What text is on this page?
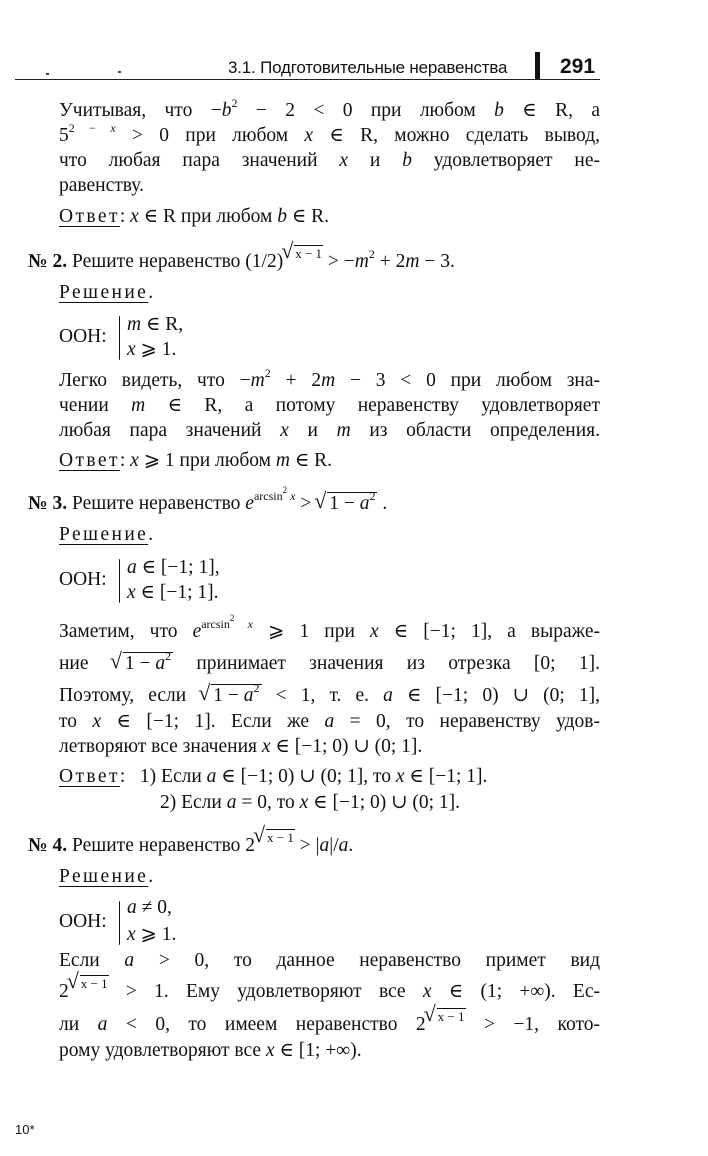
3.1. Подготовительные неравенства	291
Учитывая, что $-b^2 - 2 < 0$ при любом b ∈ R, а
$5^{2 - x} > 0$ при любом x ∈ R, можно сделать вывод,
что любая пара значений x и b удовлетворяет не-
равенству.
Ответ: x ∈ R при любом b ∈ R.
№ 2. Решите неравенство (1/2) $^{x - 1} > -m^2 + 2m - 3$.
Решение.
ООН:
m ∈ R,
x ⩾ 1.
Легко видеть, что $-m^2 + 2m - 3 < 0$ при любом зна-
чении m ∈ R, а потому неравенству удовлетворяет
любая пара значений x и m из области определения.
Ответ: x ⩾ 1 при любом m ∈ R.
№ 3. Решите неравенство $e^{arcsin^2 x}$ > √ $1 - a^2$ .
Решение.
ООН:
a ∈ [−1; 1],
x ∈ [−1; 1].
Заметим, что $e^{arcsin^2 x}$ ⩾ 1 при x ∈ [−1; 1], а выраже-
ние √ $1 - a^2$ принимает значения из отрезка [0; 1].
Поэтому, если √ $1 - a^2 < 1$, т. е. a ∈ [−1; 0) ∪ (0; 1],
то x ∈ [−1; 1]. Если же a = 0, то неравенству удов-
летворяют все значения x ∈ [−1; 0) ∪ (0; 1].
Ответ:   1) Если a ∈ [−1; 0) ∪ (0; 1], то x ∈ [−1; 1].
2) Если a = 0, то x ∈ [−1; 0) ∪ (0; 1].
№ 4. Решите неравенство 2 $^{x - 1}$ > |a|/a.
Решение.
ООН:
a ≠ 0,
x ⩾ 1.
Если a > 0, то данное неравенство примет вид
2 $^{x - 1}$ > 1. Ему удовлетворяют все x ∈ (1; +∞). Ес-
ли a < 0, то имеем неравенство 2 $^{x - 1}$ > −1, кото-
рому удовлетворяют все x ∈ [1; +∞).
10*
